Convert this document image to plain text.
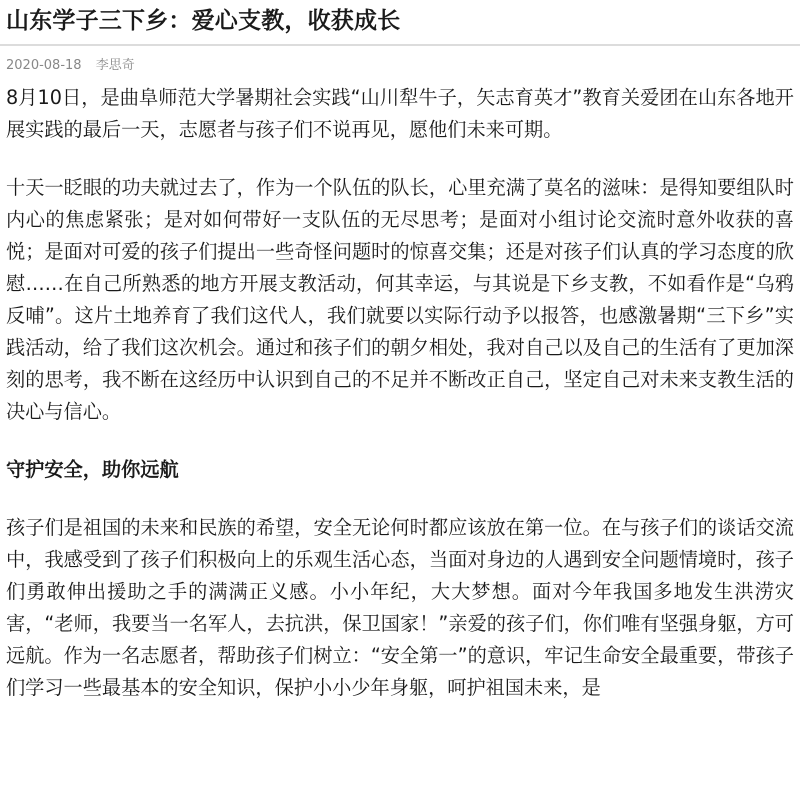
山东学子三下乡：爱心支教，收获成长
2020-08-18 李思奇

8月10日，是曲阜师范大学暑期社会实践“山川犁牛子，矢志育英才”教育关爱团在山东各地开展实践的最后一天，志愿者与孩子们不说再见，愿他们未来可期。

十天一眨眼的功夫就过去了，作为一个队伍的队长，心里充满了莫名的滋味：是得知要组队时内心的焦虑紧张；是对如何带好一支队伍的无尽思考；是面对小组讨论交流时意外收获的喜悦；是面对可爱的孩子们提出一些奇怪问题时的惊喜交集；还是对孩子们认真的学习态度的欣慰……在自己所熟悉的地方开展支教活动，何其幸运，与其说是下乡支教，不如看作是“乌鸦反哺”。这片土地养育了我们这代人，我们就要以实际行动予以报答，也感激暑期“三下乡”实践活动，给了我们这次机会。通过和孩子们的朝夕相处，我对自己以及自己的生活有了更加深刻的思考，我不断在这经历中认识到自己的不足并不断改正自己，坚定自己对未来支教生活的决心与信心。

守护安全，助你远航

孩子们是祖国的未来和民族的希望，安全无论何时都应该放在第一位。在与孩子们的谈话交流中，我感受到了孩子们积极向上的乐观生活心态，当面对身边的人遇到安全问题情境时，孩子们勇敢伸出援助之手的满满正义感。小小年纪，大大梦想。面对今年我国多地发生洪涝灾害，“老师，我要当一名军人，去抗洪，保卫国家！”亲爱的孩子们，你们唯有坚强身躯，方可远航。作为一名志愿者，帮助孩子们树立：“安全第一”的意识，牢记生命安全最重要，带孩子们学习一些最基本的安全知识，保护小小少年身躯，呵护祖国未来，是
